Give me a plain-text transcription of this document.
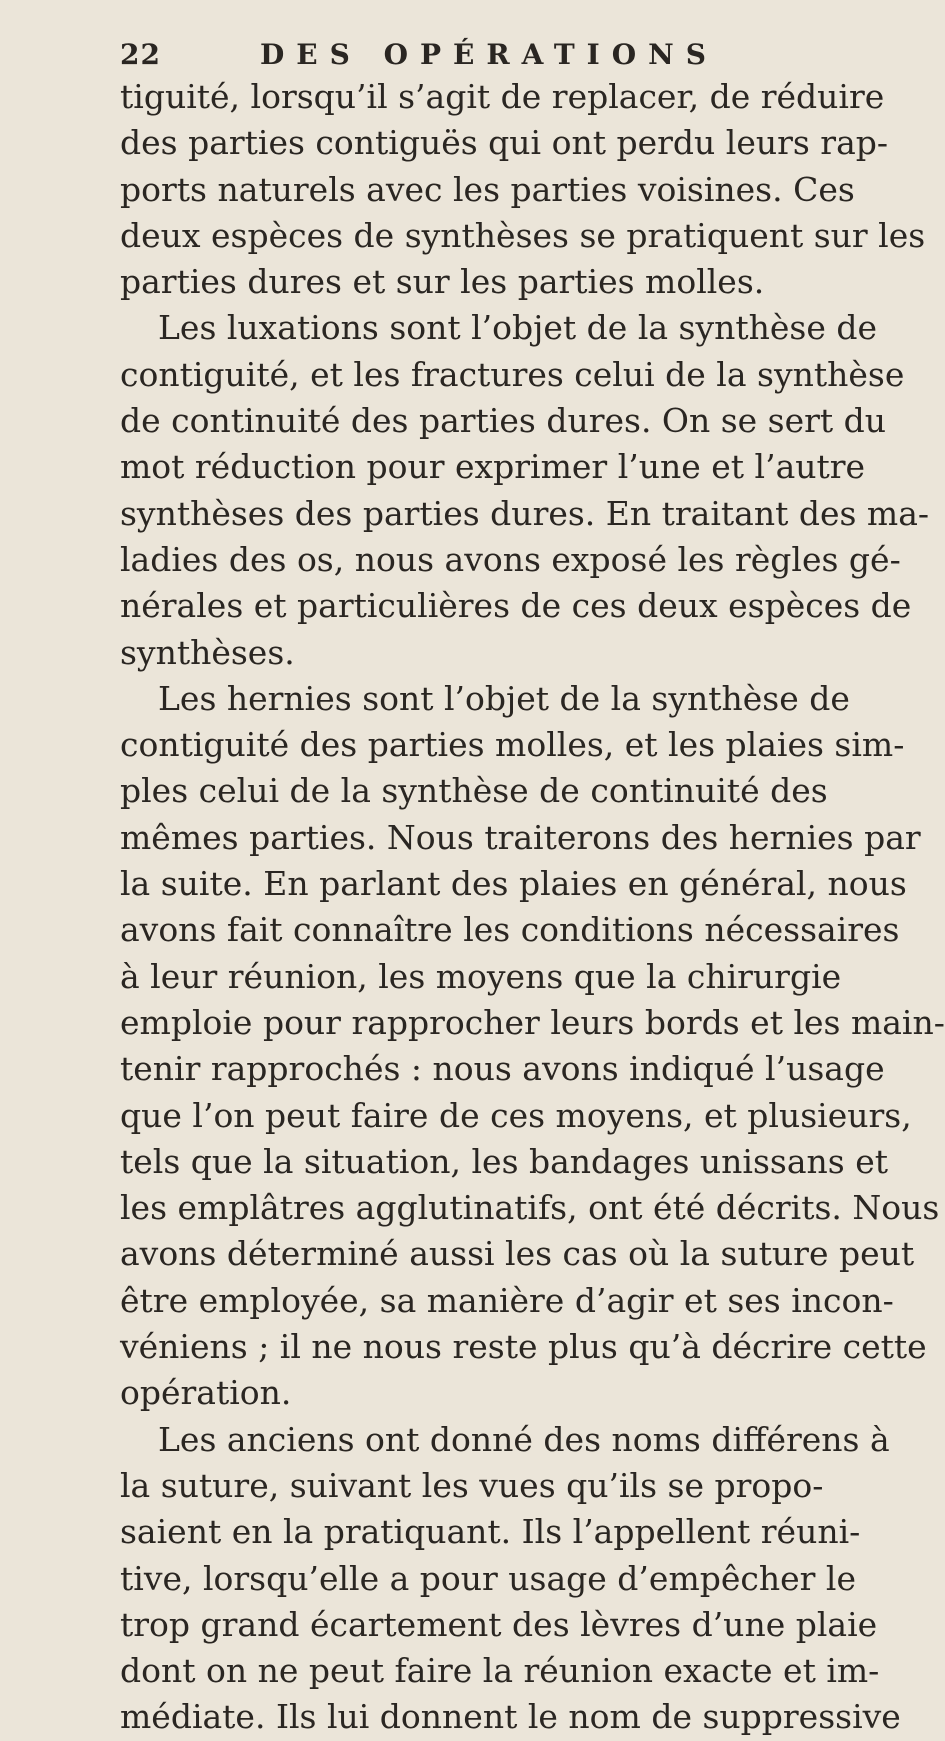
22	DES OPÉRATIONS
tiguité, lorsqu’il s’agit de replacer, de réduire
des parties contiguës qui ont perdu leurs rap-
ports naturels avec les parties voisines. Ces
deux espèces de synthèses se pratiquent sur les
parties dures et sur les parties molles.
Les luxations sont l’objet de la synthèse de
contiguité, et les fractures celui de la synthèse
de continuité des parties dures. On se sert du
mot réduction pour exprimer l’une et l’autre
synthèses des parties dures. En traitant des ma-
ladies des os, nous avons exposé les règles gé-
nérales et particulières de ces deux espèces de
synthèses.
Les hernies sont l’objet de la synthèse de
contiguité des parties molles, et les plaies sim-
ples celui de la synthèse de continuité des
mêmes parties. Nous traiterons des hernies par
la suite. En parlant des plaies en général, nous
avons fait connaître les conditions nécessaires
à leur réunion, les moyens que la chirurgie
emploie pour rapprocher leurs bords et les main-
tenir rapprochés : nous avons indiqué l’usage
que l’on peut faire de ces moyens, et plusieurs,
tels que la situation, les bandages unissans et
les emplâtres agglutinatifs, ont été décrits. Nous
avons déterminé aussi les cas où la suture peut
être employée, sa manière d’agir et ses incon-
véniens ; il ne nous reste plus qu’à décrire cette
opération.
Les anciens ont donné des noms différens à
la suture, suivant les vues qu’ils se propo-
saient en la pratiquant. Ils l’appellent réuni-
tive, lorsqu’elle a pour usage d’empêcher le
trop grand écartement des lèvres d’une plaie
dont on ne peut faire la réunion exacte et im-
médiate. Ils lui donnent le nom de suppressive
